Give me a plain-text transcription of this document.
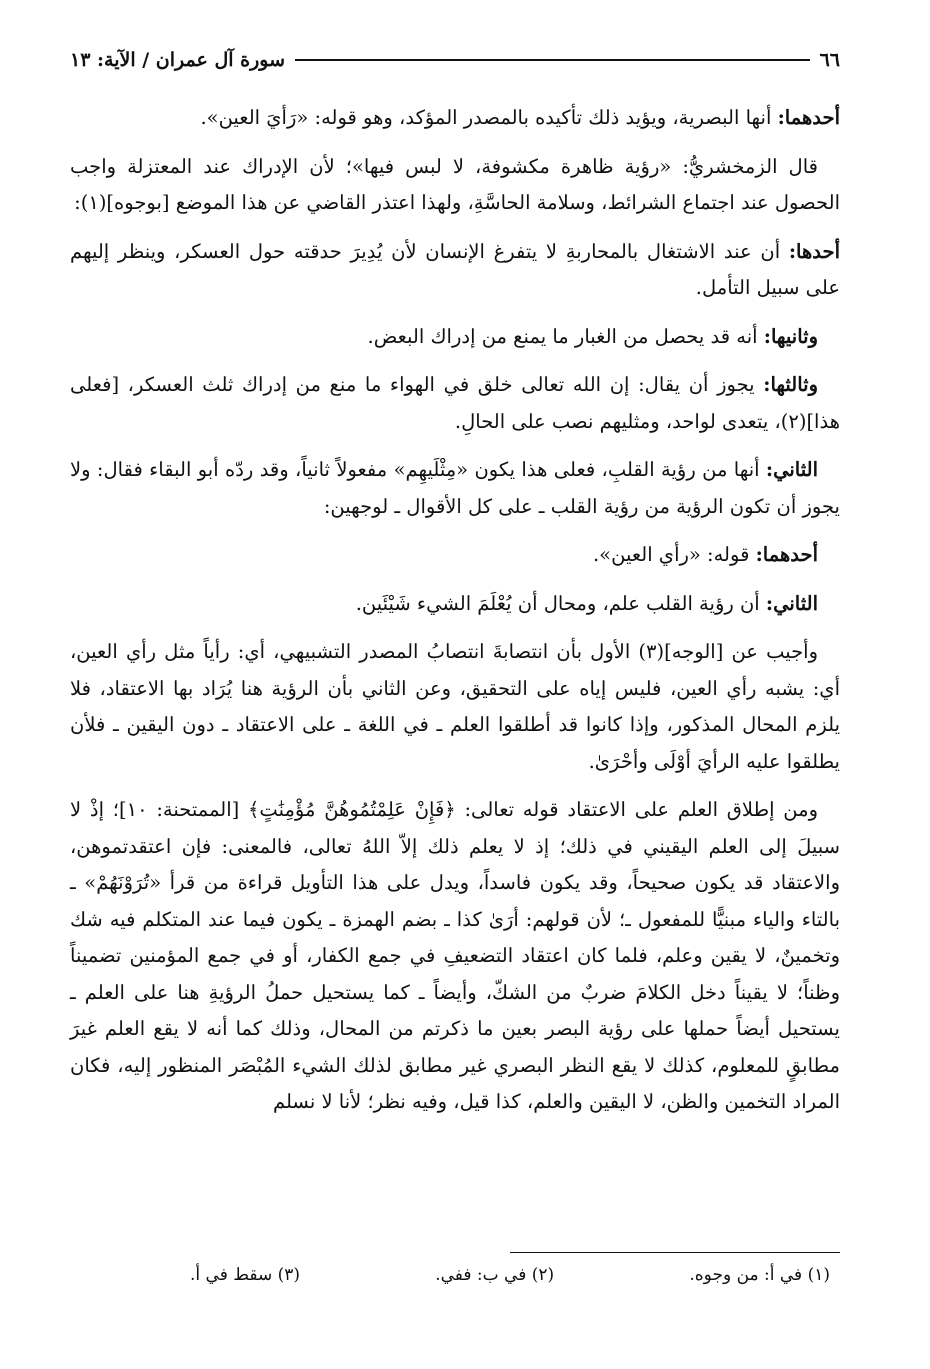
٦٦
سورة آل عمران / الآية: ١٣

أحدهما: أنها البصرية، ويؤيد ذلك تأكيده بالمصدر المؤكد، وهو قوله: «رَأيَ العين».

قال الزمخشريُّ: «رؤية ظاهرة مكشوفة، لا لبس فيها»؛ لأن الإدراك عند المعتزلة واجب الحصول عند اجتماع الشرائط، وسلامة الحاسَّةِ، ولهذا اعتذر القاضي عن هذا الموضع [بوجوه](١):

أحدها: أن عند الاشتغال بالمحاربةِ لا يتفرغ الإنسان لأن يُدِيرَ حدقته حول العسكر، وينظر إليهم على سبيل التأمل.

وثانيها: أنه قد يحصل من الغبار ما يمنع من إدراك البعض.

وثالثها: يجوز أن يقال: إن الله تعالى خلق في الهواء ما منع من إدراك ثلث العسكر، [فعلى هذا](٢)، يتعدى لواحد، ومثليهم نصب على الحالِ.

الثاني: أنها من رؤية القلبِ، فعلى هذا يكون «مِثْلَيهِم» مفعولاً ثانياً، وقد ردّه أبو البقاء فقال: ولا يجوز أن تكون الرؤية من رؤية القلب ـ على كل الأقوال ـ لوجهين:

أحدهما: قوله: «رأي العين».

الثاني: أن رؤية القلب علم، ومحال أن يُعْلَمَ الشيء شَيْئَين.

وأجيب عن [الوجه](٣) الأول بأن انتصابةَ انتصابُ المصدر التشبيهي، أي: رأياً مثل رأي العين، أي: يشبه رأي العين، فليس إياه على التحقيق، وعن الثاني بأن الرؤية هنا يُرَاد بها الاعتقاد، فلا يلزم المحال المذكور، وإذا كانوا قد أطلقوا العلم ـ في اللغة ـ على الاعتقاد ـ دون اليقين ـ فلأن يطلقوا عليه الرأيَ أوْلَى وأحْرَىٰ.

ومن إطلاق العلم على الاعتقاد قوله تعالى: ﴿فَإِنْ عَلِمْتُمُوهُنَّ مُؤْمِنَٰتٍ﴾ [الممتحنة: ١٠]؛ إذْ لا سبيلَ إلى العلم اليقيني في ذلك؛ إذ لا يعلم ذلك إلاّ اللهُ تعالى، فالمعنى: فإن اعتقدتموهن، والاعتقاد قد يكون صحيحاً، وقد يكون فاسداً، ويدل على هذا التأويل قراءة من قرأ «تُرَوْنَهُمْ» ـ بالتاء والياء مبنيًّا للمفعول ـ؛ لأن قولهم: أرَىٰ كذا ـ بضم الهمزة ـ يكون فيما عند المتكلم فيه شك وتخمينٌ، لا يقين وعلم، فلما كان اعتقاد التضعيفِ في جمع الكفار، أو في جمع المؤمنين تضميناً وظناً؛ لا يقيناً دخل الكلامَ ضربٌ من الشكّ، وأيضاً ـ كما يستحيل حملُ الرؤيةِ هنا على العلم ـ يستحيل أيضاً حملها على رؤية البصر بعين ما ذكرتم من المحال، وذلك كما أنه لا يقع العلم غيرَ مطابقٍ للمعلوم، كذلك لا يقع النظر البصري غير مطابق لذلك الشيء المُبْصَر المنظور إليه، فكان المراد التخمين والظن، لا اليقين والعلم، كذا قيل، وفيه نظر؛ لأنا لا نسلم

(١) في أ: من وجوه.
(٢) في ب: ففي.
(٣) سقط في أ.
